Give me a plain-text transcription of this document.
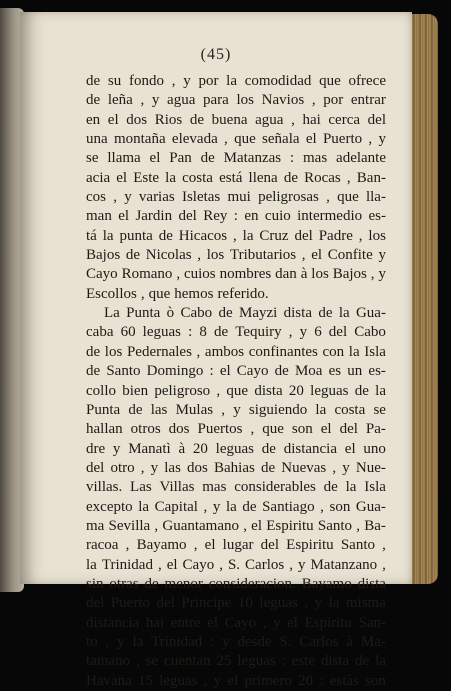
(45)
de su fondo , y por la comodidad que ofrece
de leña , y agua para los Navios , por entrar
en el dos Rios de buena agua , hai cerca del
una montaña elevada , que señala el Puerto , y
se llama el Pan de Matanzas : mas adelante
acia el Este la costa está llena de Rocas , Ban-
cos , y varias Isletas mui peligrosas , que lla-
man el Jardin del Rey : en cuio intermedio es-
tá la punta de Hicacos , la Cruz del Padre , los
Bajos de Nicolas , los Tributarios , el Confite y
Cayo Romano , cuios nombres dan à los Bajos , y
Escollos , que hemos referido.
La Punta ò Cabo de Mayzi dista de la Gua-
caba 60 leguas : 8 de Tequiry , y 6 del Cabo
de los Pedernales , ambos confinantes con la Isla
de Santo Domingo : el Cayo de Moa es un es-
collo bien peligroso , que dista 20 leguas de la
Punta de las Mulas , y siguiendo la costa se
hallan otros dos Puertos , que son el del Pa-
dre y Manatì à 20 leguas de distancia el uno
del otro , y las dos Bahias de Nuevas , y Nue-
villas. Las Villas mas considerables de la Isla
excepto la Capital , y la de Santiago , son Gua-
ma Sevilla , Guantamano , el Espiritu Santo , Ba-
racoa , Bayamo , el lugar del Espiritu Santo ,
la Trinidad , el Cayo , S. Carlos , y Matanzano ,
sin otras de menor consideracion. Bayamo dista
del Puerto del Principe 10 leguas , y la misma
distancia hai entre el Cayo , y el Espiritu San-
to , y la Trinidad : y desde S. Carlos à Ma-
tamano , se cuentan 25 leguas : este dista de la
Havana 15 leguas , y el primero 20 : estàs son
